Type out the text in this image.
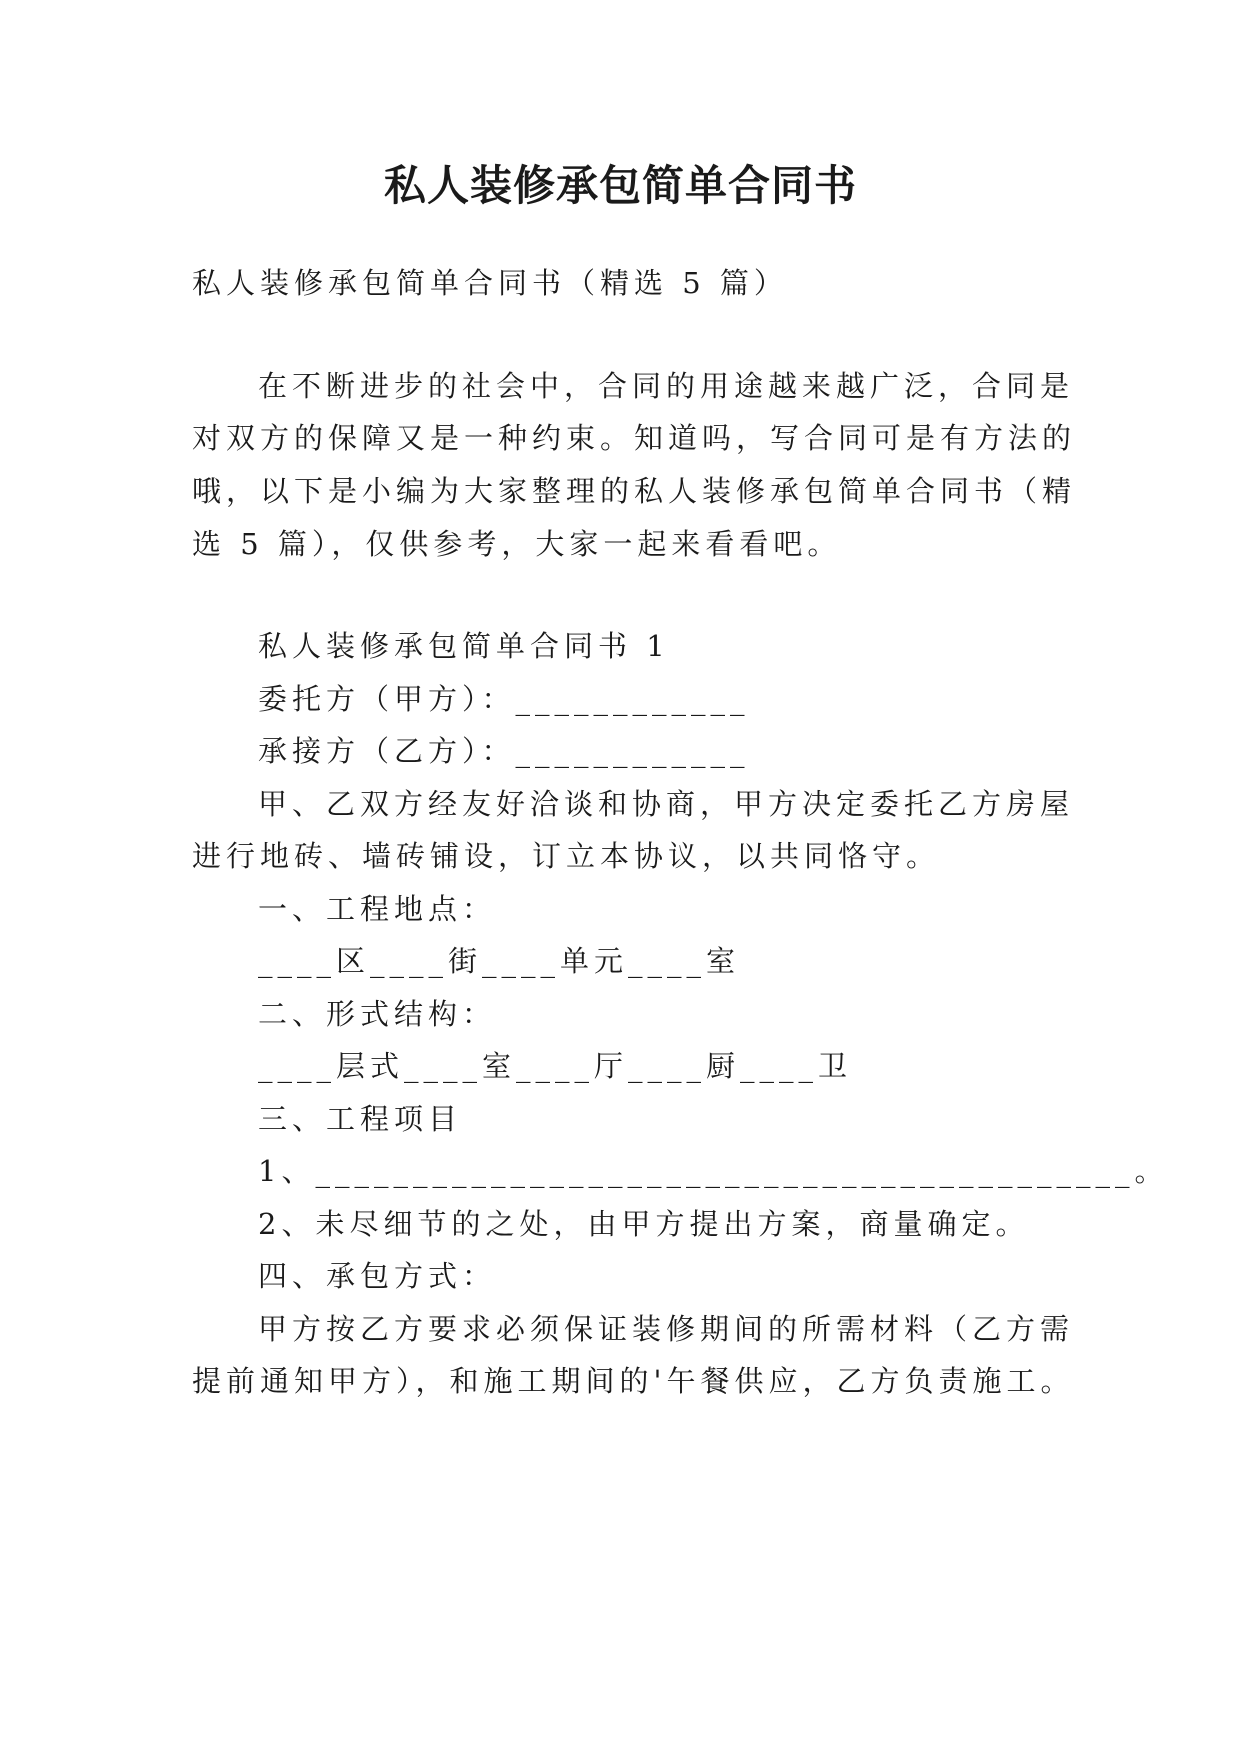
私人装修承包简单合同书
私人装修承包简单合同书（精选 5 篇）
在不断进步的社会中，合同的用途越来越广泛，合同是
对双方的保障又是一种约束。知道吗，写合同可是有方法的
哦，以下是小编为大家整理的私人装修承包简单合同书（精
选 5 篇），仅供参考，大家一起来看看吧。
私人装修承包简单合同书 1
委托方（甲方）：____________
承接方（乙方）：____________
甲、乙双方经友好洽谈和协商，甲方决定委托乙方房屋
进行地砖、墙砖铺设，订立本协议，以共同恪守。
一、工程地点：
____区____街____单元____室
二、形式结构：
____层式____室____厅____厨____卫
三、工程项目
1、__________________________________________。
2、未尽细节的之处，由甲方提出方案，商量确定。
四、承包方式：
甲方按乙方要求必须保证装修期间的所需材料（乙方需
提前通知甲方），和施工期间的'午餐供应，乙方负责施工。
